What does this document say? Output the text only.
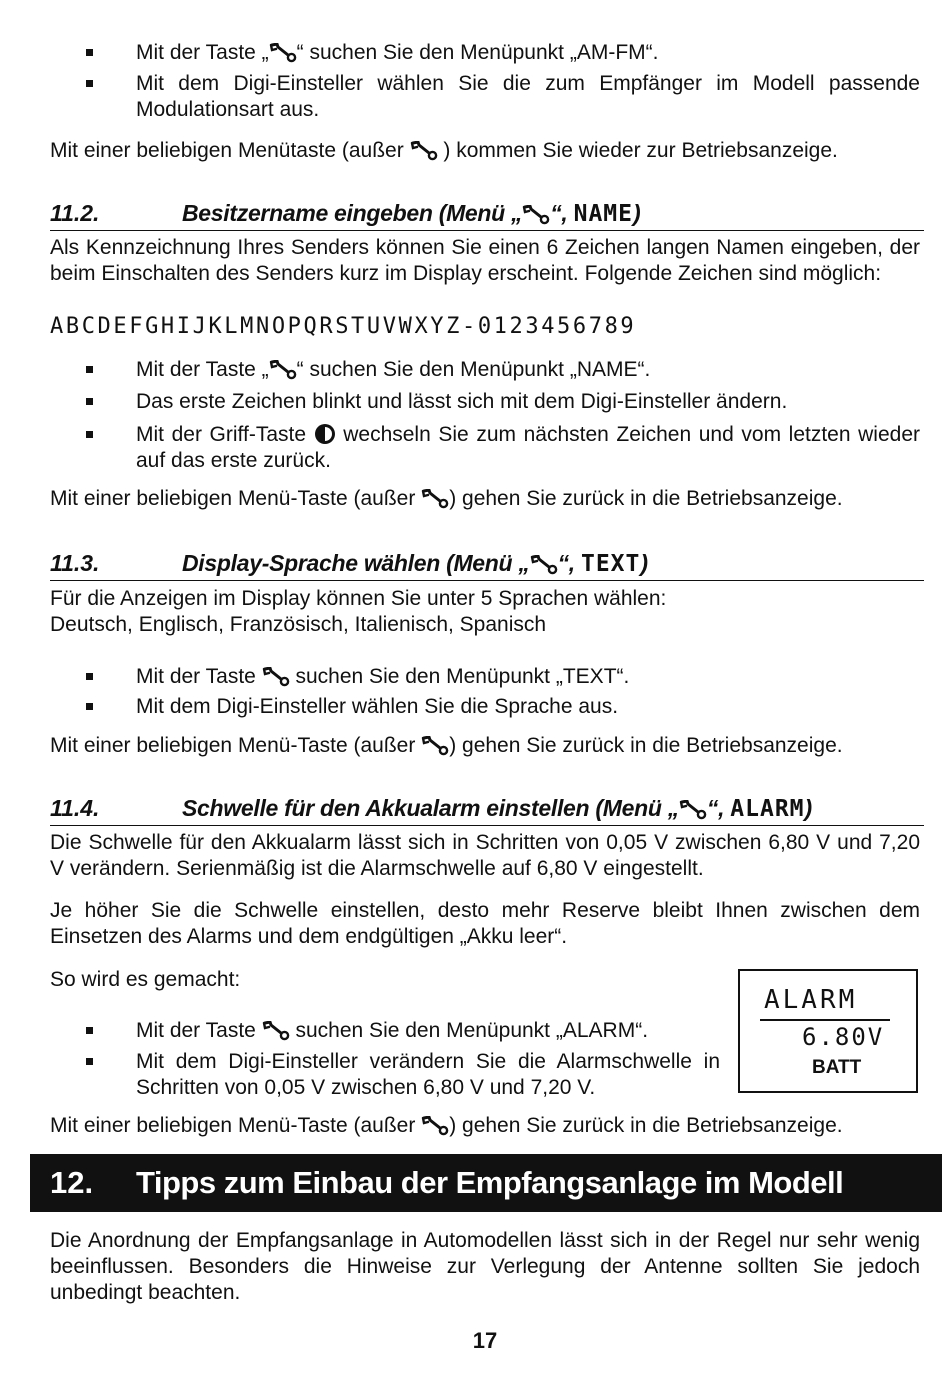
Mit der Taste „ “ suchen Sie den Menüpunkt „AM-FM“.
Mit dem Digi-Einsteller wählen Sie die zum Empfänger im Modell passende Modulationsart aus.

Mit einer beliebigen Menütaste (außer  ) kommen Sie wieder zur Betriebsanzeige.

11.2.	Besitzername eingeben (Menü „ “, NAME)

Als Kennzeichnung Ihres Senders können Sie einen 6 Zeichen langen Namen eingeben, der beim Einschalten des Senders kurz im Display erscheint. Folgende Zeichen sind möglich:

ABCDEFGHIJKLMNOPQRSTUVWXYZ-0123456789
Mit der Taste „ “ suchen Sie den Menüpunkt „NAME“.
Das erste Zeichen blinkt und lässt sich mit dem Digi-Einsteller ändern.
Mit der Griff-Taste  wechseln Sie zum nächsten Zeichen und vom letzten wieder auf das erste zurück.

Mit einer beliebigen Menü-Taste (außer ) gehen Sie zurück in die Betriebsanzeige.

11.3.	Display-Sprache wählen (Menü „ “, TEXT)

Für die Anzeigen im Display können Sie unter 5 Sprachen wählen:

Deutsch, Englisch, Französisch, Italienisch, Spanisch

Mit der Taste  suchen Sie den Menüpunkt „TEXT“.
Mit dem Digi-Einsteller wählen Sie die Sprache aus.

Mit einer beliebigen Menü-Taste (außer ) gehen Sie zurück in die Betriebsanzeige.

11.4.	Schwelle für den Akkualarm einstellen (Menü „ “, ALARM)

Die Schwelle für den Akkualarm lässt sich in Schritten von 0,05 V zwischen 6,80 V und 7,20 V verändern. Serienmäßig ist die Alarmschwelle auf 6,80 V eingestellt.

Je höher Sie die Schwelle einstellen, desto mehr Reserve bleibt Ihnen zwischen dem Einsetzen des Alarms und dem endgültigen „Akku leer“.

So wird es gemacht:

Mit der Taste  suchen Sie den Menüpunkt „ALARM“.
Mit dem Digi-Einsteller verändern Sie die Alarmschwelle in Schritten von 0,05 V zwischen 6,80 V und 7,20 V.
ALARM
6.80V
BATT

Mit einer beliebigen Menü-Taste (außer ) gehen Sie zurück in die Betriebsanzeige.

12. Tipps zum Einbau der Empfangsanlage im Modell

Die Anordnung der Empfangsanlage in Automodellen lässt sich in der Regel nur sehr wenig beeinflussen. Besonders die Hinweise zur Verlegung der Antenne sollten Sie jedoch unbedingt beachten.

17
